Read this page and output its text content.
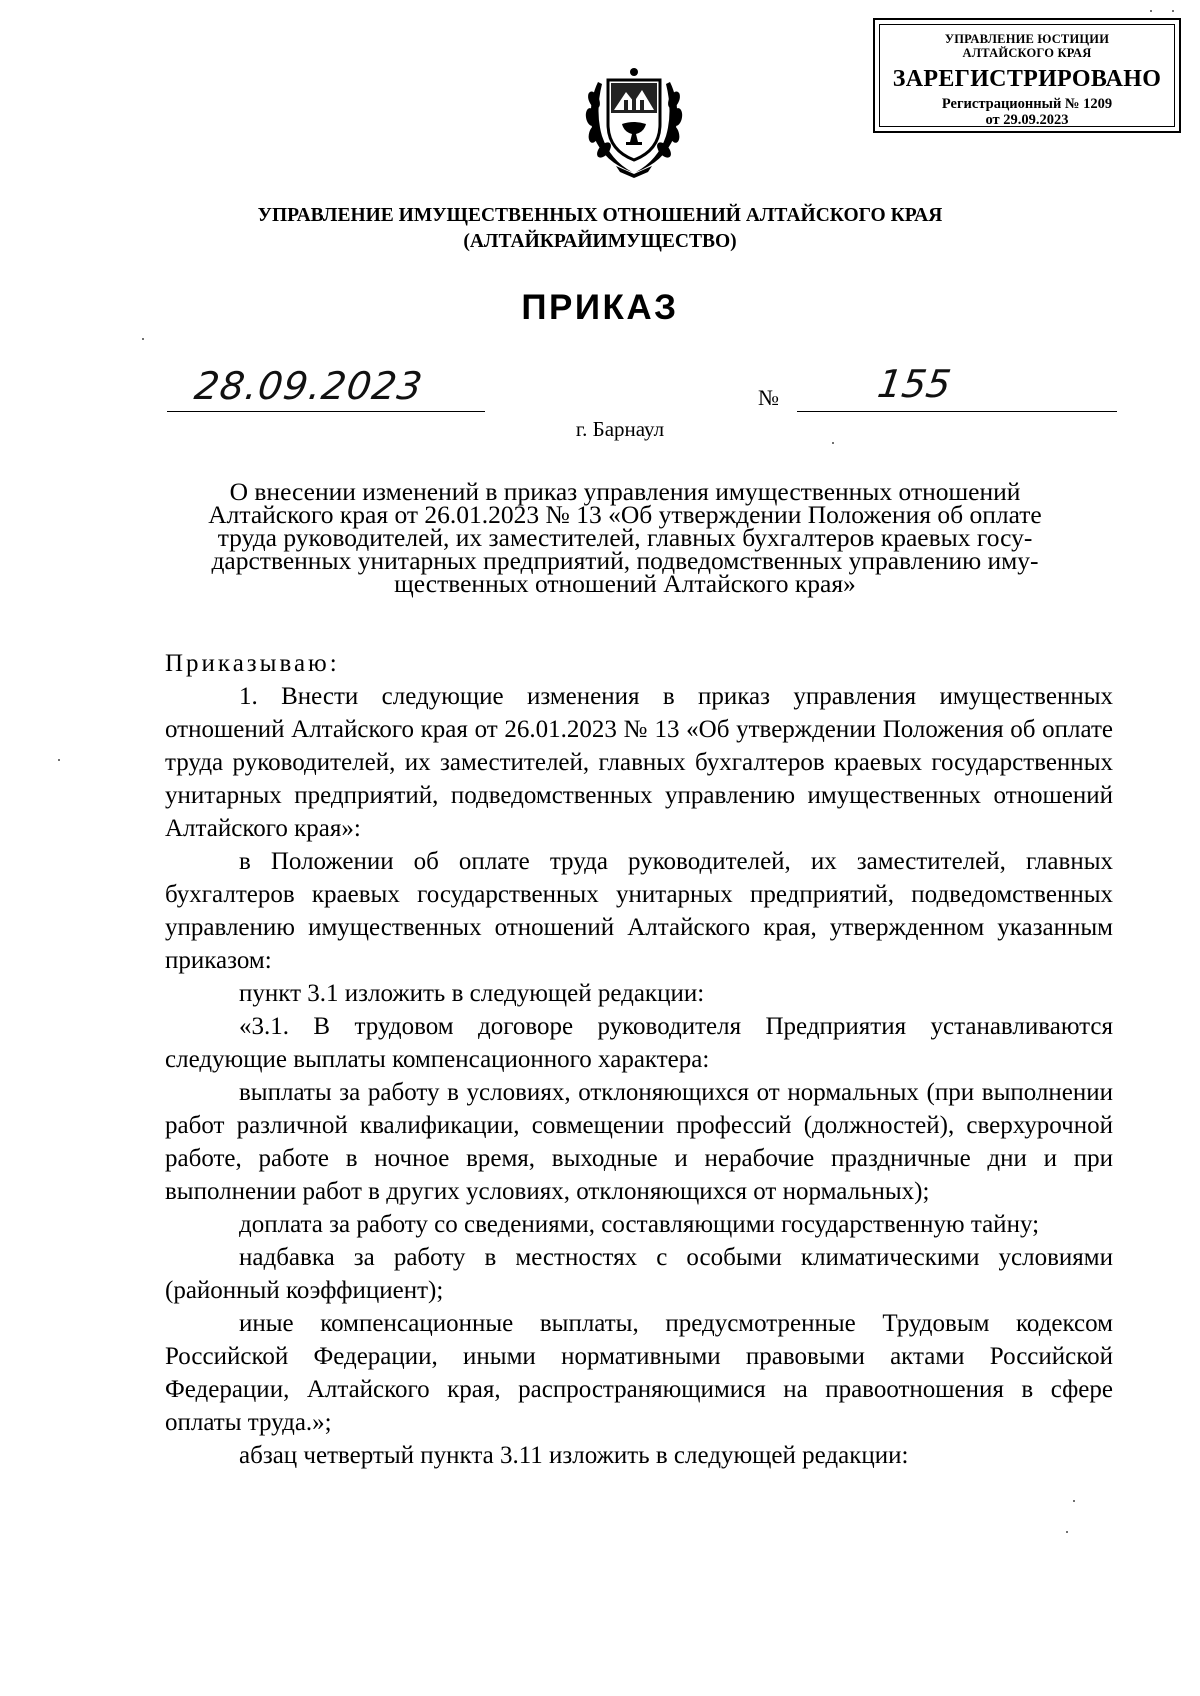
УПРАВЛЕНИЕ ЮСТИЦИИ
АЛТАЙСКОГО КРАЯ
ЗАРЕГИСТРИРОВАНО
Регистрационный № 1209
от 29.09.2023
УПРАВЛЕНИЕ ИМУЩЕСТВЕННЫХ ОТНОШЕНИЙ АЛТАЙСКОГО КРАЯ
(АЛТАЙКРАЙИМУЩЕСТВО)
ПРИКАЗ
28.09.2023	№	155
г. Барнаул
О внесении изменений в приказ управления имущественных отношений
Алтайского края от 26.01.2023 № 13 «Об утверждении Положения об оплате
труда руководителей, их заместителей, главных бухгалтеров краевых госу-
дарственных унитарных предприятий, подведомственных управлению иму-
щественных отношений Алтайского края»

Приказываю:

1. Внести следующие изменения в приказ управления имущественных отношений Алтайского края от 26.01.2023 № 13 «Об утверждении Положения об оплате труда руководителей, их заместителей, главных бухгалтеров краевых государственных унитарных предприятий, подведомственных управлению имущественных отношений Алтайского края»:

в Положении об оплате труда руководителей, их заместителей, главных бухгалтеров краевых государственных унитарных предприятий, подведомственных управлению имущественных отношений Алтайского края, утвержденном указанным приказом:

пункт 3.1 изложить в следующей редакции:

«3.1. В трудовом договоре руководителя Предприятия устанавливаются следующие выплаты компенсационного характера:

выплаты за работу в условиях, отклоняющихся от нормальных (при выполнении работ различной квалификации, совмещении профессий (должностей), сверхурочной работе, работе в ночное время, выходные и нерабочие праздничные дни и при выполнении работ в других условиях, отклоняющихся от нормальных);

доплата за работу со сведениями, составляющими государственную тайну;

надбавка за работу в местностях с особыми климатическими условиями (районный коэффициент);

иные компенсационные выплаты, предусмотренные Трудовым кодексом Российской Федерации, иными нормативными правовыми актами Российской Федерации, Алтайского края, распространяющимися на правоотношения в сфере оплаты труда.»;

абзац четвертый пункта 3.11 изложить в следующей редакции:
